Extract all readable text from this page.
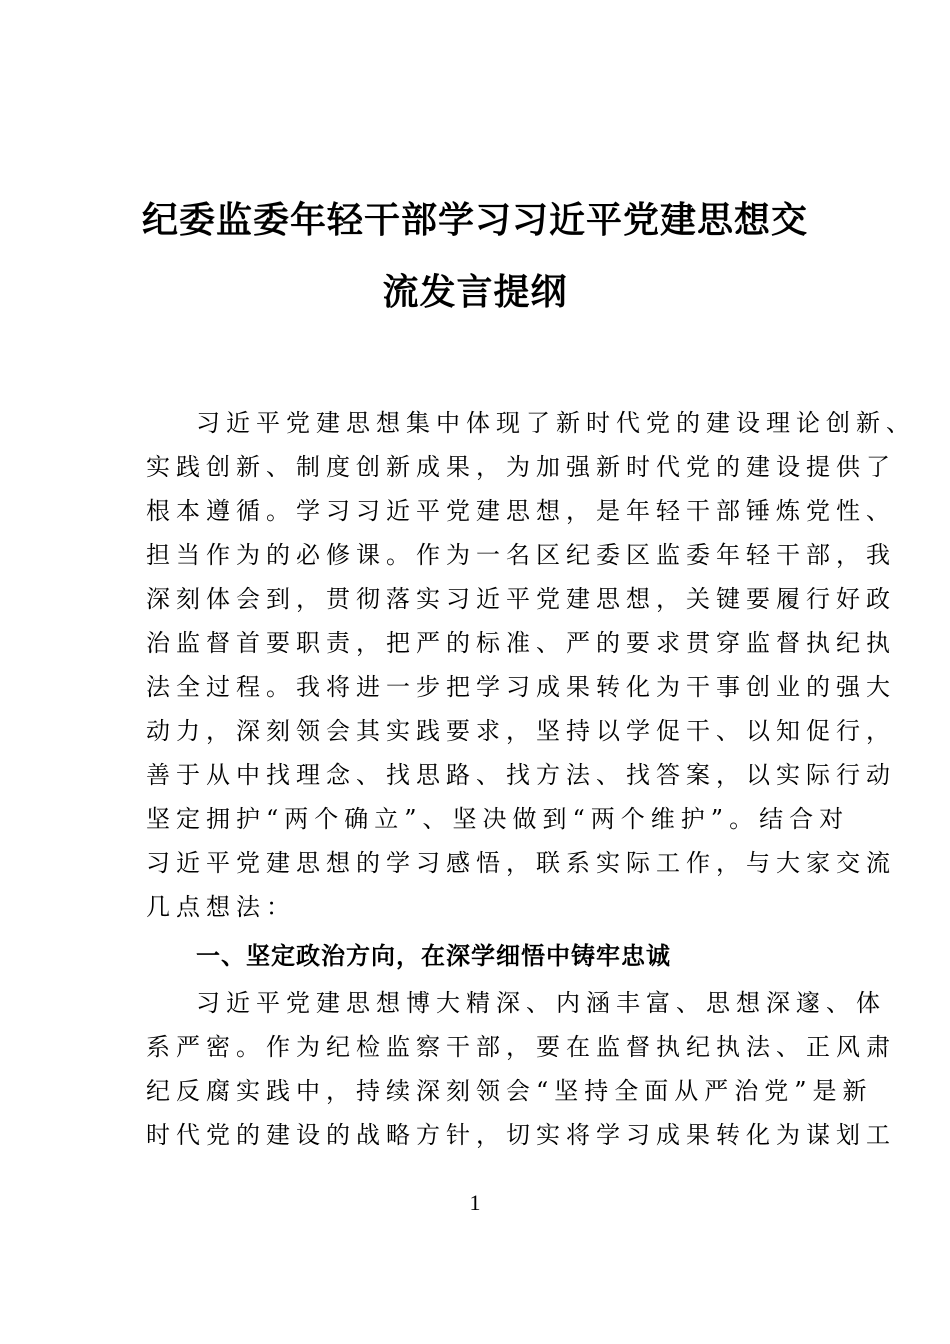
纪委监委年轻干部学习习近平党建思想交
流发言提纲
习近平党建思想集中体现了新时代党的建设理论创新、
实践创新、制度创新成果，为加强新时代党的建设提供了
根本遵循。学习习近平党建思想，是年轻干部锤炼党性、
担当作为的必修课。作为一名区纪委区监委年轻干部，我
深刻体会到，贯彻落实习近平党建思想，关键要履行好政
治监督首要职责，把严的标准、严的要求贯穿监督执纪执
法全过程。我将进一步把学习成果转化为干事创业的强大
动力，深刻领会其实践要求，坚持以学促干、以知促行，
善于从中找理念、找思路、找方法、找答案，以实际行动
坚定拥护“两个确立”、坚决做到“两个维护”。结合对
习近平党建思想的学习感悟，联系实际工作，与大家交流
几点想法：
一、坚定政治方向，在深学细悟中铸牢忠诚
习近平党建思想博大精深、内涵丰富、思想深邃、体
系严密。作为纪检监察干部，要在监督执纪执法、正风肃
纪反腐实践中，持续深刻领会“坚持全面从严治党”是新
时代党的建设的战略方针，切实将学习成果转化为谋划工
1
